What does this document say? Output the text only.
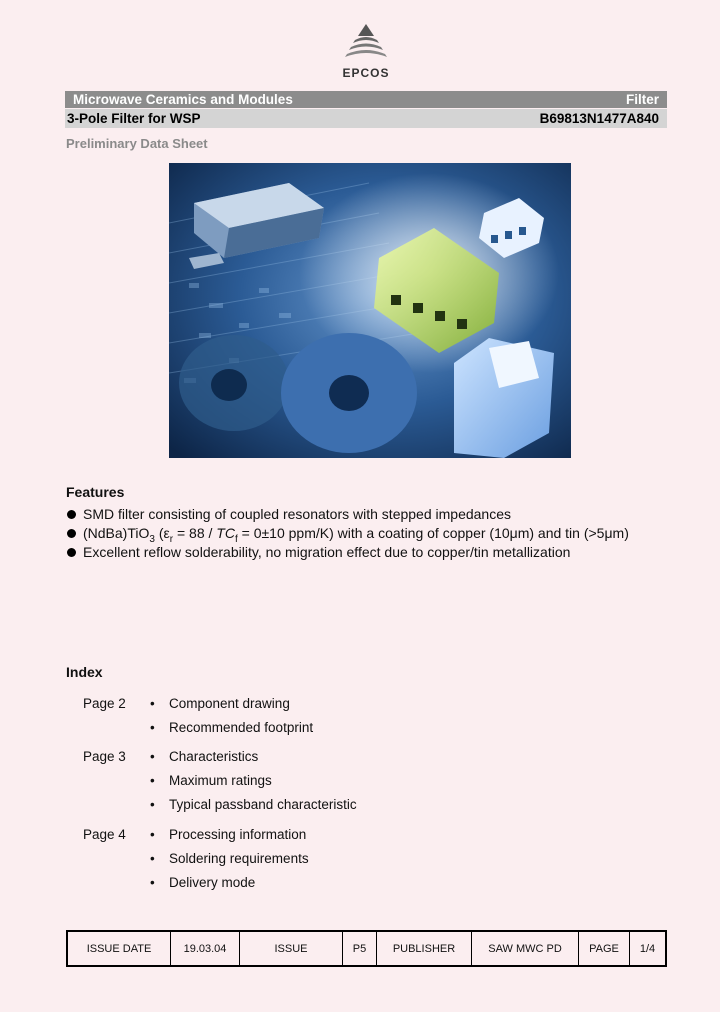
EPCOS
Microwave Ceramics and Modules	Filter
3-Pole Filter for WSP	B69813N1477A840
Preliminary Data Sheet
Features
SMD filter consisting of coupled resonators with stepped impedances
(NdBa)TiO$_3$ ($\varepsilon_r = 88 / TC_f = 0\pm 10$ ppm/K) with a coating of copper (10μm) and tin (>5μm)
Excellent reflow solderability, no migration effect due to copper/tin metallization
Index
Page 2 • Component drawing
• Recommended footprint
Page 3 • Characteristics
• Maximum ratings
• Typical passband characteristic
Page 4 • Processing information
• Soldering requirements
• Delivery mode
ISSUE DATE	19.03.04	ISSUE	P5	PUBLISHER	SAW MWC PD	PAGE	1/4
